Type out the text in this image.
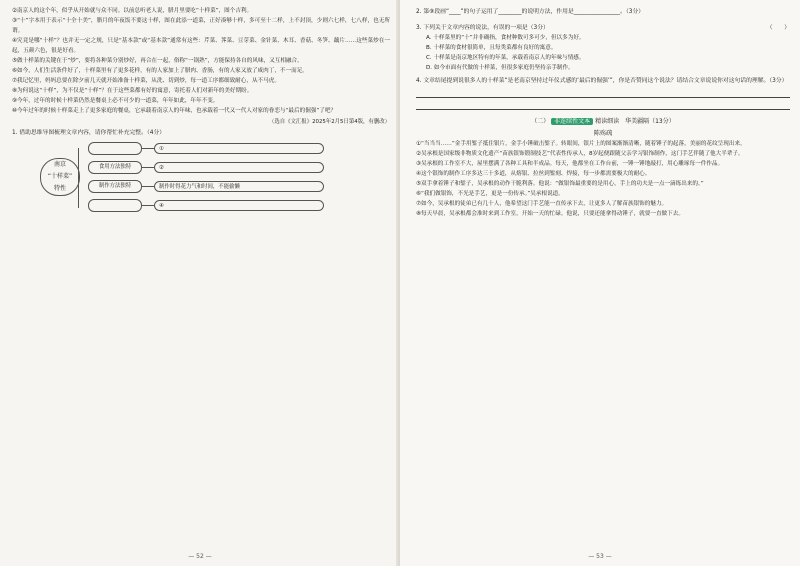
②南京人的这个年，似乎从开始就与众不同。以前总听老人说，腊月里要吃“十样菜”，图个吉利。

③“十”字本用于表示“十全十美”，腊月的年夜饭不要这十样，图在此添一道菜，正好凑够十样，多可至十二样，上不封顶，少则六七样，七八样，也无所谓。

④究竟是哪“十样”？也并无一定之规，只是“基本款”或“基本款”通常有这些：芹菜、荠菜、豆芽菜、金针菜、木耳、香菇、冬笋、藕片……这些菜炒在一起，五颜六色，很是好看。

⑤做十样菜的关键在于“炒”，要将各种菜分别炒好，再合在一起，俗称“一锅熟”，方能保持各自的风味，又互相融合。

⑥如今，人们生活条件好了，十样菜里有了更多花样，有的人家加上了腊肉、香肠，有的人家又放了咸肉丁，不一而足。

⑦我记忆里，妈妈总要在除夕前几天就开始准备十样菜，从洗、切到炒，每一道工序都细致耐心，从不马虎。

⑧为何说这“十样”，为不仅是“十样”？在于这些菜都有好的寓意，寄托着人们对新年的美好期盼。

⑨今年，过年的时候十样菜仍然是餐桌上必不可少的一道菜，年年如此，年年不变。

⑩今年过年的时候十样菜走上了更多家庭的餐桌，它承载着南京人的年味，也承载着一代又一代人对家的眷恋与“最后的倔强”了吧？

（选自《文汇报》2025年2月5日第4版，有删改）

1. 借助思维导图梳理文章内容，请你帮忙补充完整。（4分）

南京
“十样菜”
特性
①
食用方法独特	②
制作方法独特	制作时得花力气和时间，不能偷懒
④
— 52 —

2. 第⑨段画“____”的句子运用了________的说明方法，作用是________________。（3分）

3. 下列关于文章内容的说法，有误的一项是（3分）	（　　）

A. 十样菜里的“十”并非确指，食材种数可多可少，但以多为好。

B. 十样菜的食材很简单，且每类菜都有良好的寓意。

C. 十样菜是南京地区特有的年菜，承载着南京人的年味与情感。

D. 如今市面有代做的十样菜，但很多家庭仍坚持亲手制作。

4. 文章结尾提到说很多人的十样菜“是老南京坚持过年仪式感的‘最后的倔强’”，你是否赞同这个说法？请结合文章说说你对这句话的理解。（3分）

（二） 非连续性文本 精读细读　华美疆隔（13分）

陈殇疏

①“当当当……”金手用錾子抵住银片，金手小锤破击錾子。转眼间，银片上的图案渐渐清晰，随着锤子的起落，美丽的花纹呈现出来。

②吴承根是国家级非物质文化遗产“苗族银饰锻制技艺”代表性传承人，8岁起便跟随父亲学习银饰制作，这门手艺伴随了他大半辈子。

③吴承根的工作室不大，屋里摆满了各种工具和半成品。每天，他都坐在工作台前，一锤一锤地敲打，用心雕琢每一件作品。

④这个银饰的制作工序多达三十多道，从熔银、拉丝到錾刻、焊接，每一步都需要极大的耐心。

⑤双手拿着锤子和錾子，吴承根的动作干脆利落。他说：“做银饰最重要的是用心，手上的功夫是一点一滴练出来的。”

⑥“我们做银饰，不光是手艺，更是一份传承。”吴承根说道。

⑦如今，吴承根的徒弟已有几十人，他希望这门手艺能一直传承下去，让更多人了解苗族银饰的魅力。

⑧每天早晨，吴承根都会准时来到工作室，开始一天的忙碌。他说，只要还能拿得动锤子，就要一直做下去。

— 53 —
